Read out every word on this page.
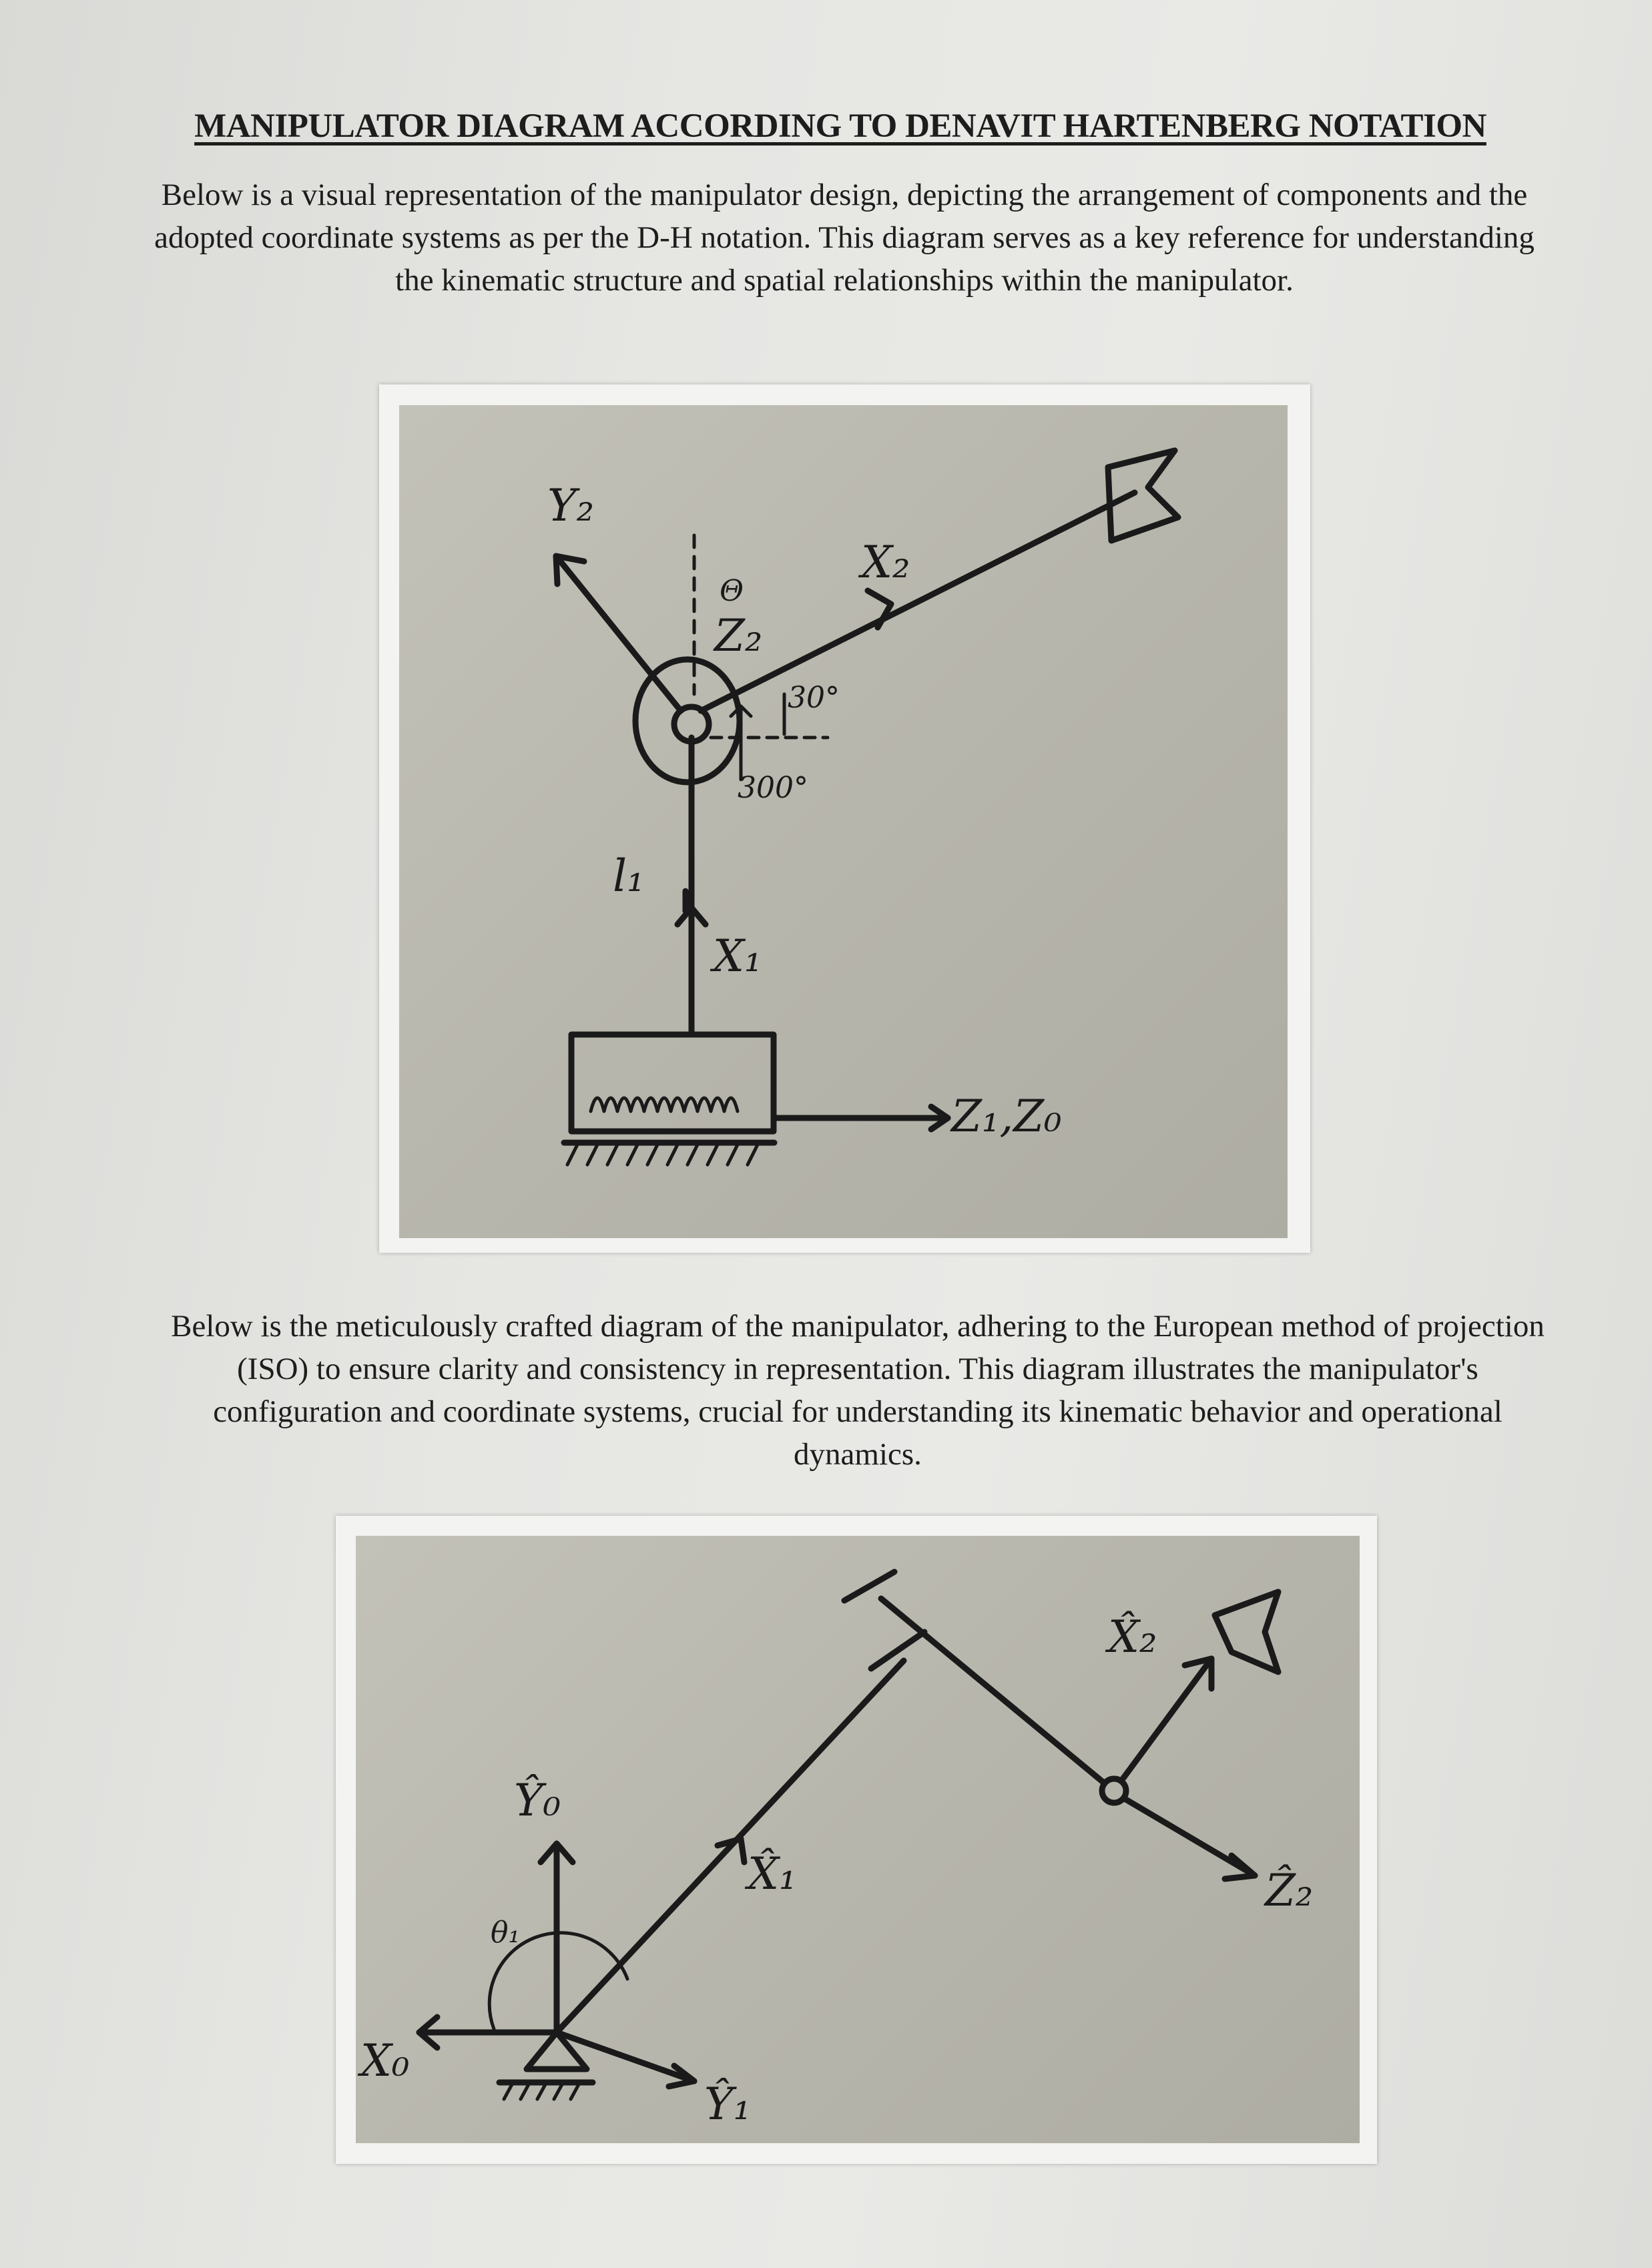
MANIPULATOR DIAGRAM ACCORDING TO DENAVIT HARTENBERG NOTATION
Below is a visual representation of the manipulator design, depicting the arrangement of components and the adopted coordinate systems as per the D-H notation. This diagram serves as a key reference for understanding the kinematic structure and spatial relationships within the manipulator.
Below is the meticulously crafted diagram of the manipulator, adhering to the European method of projection (ISO) to ensure clarity and consistency in representation. This diagram illustrates the manipulator's configuration and coordinate systems, crucial for understanding its kinematic behavior and operational dynamics.
Y₂
Θ
Z₂
X₂
30°
300°
l₁
X₁
Z₁,Z₀
Ŷ₀
θ₁
X̂₁
X̂₂
Ẑ₂
X₀
Ŷ₁
